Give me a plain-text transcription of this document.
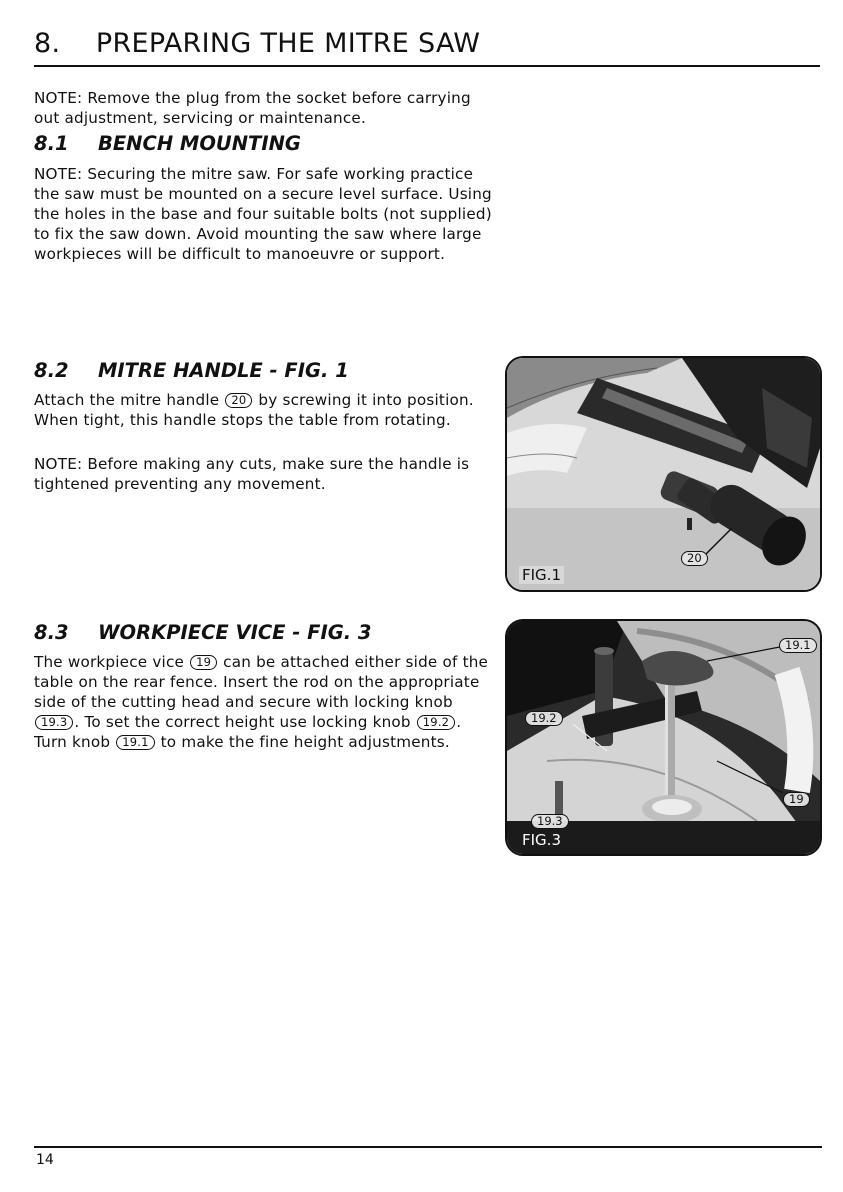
8. PREPARING THE MITRE SAW

NOTE: Remove the plug from the socket before carrying out adjustment, servicing or maintenance.

8.1 BENCH MOUNTING

NOTE: Securing the mitre saw. For safe working practice the saw must be mounted on a secure level surface. Using the holes in the base and four suitable bolts (not supplied) to fix the saw down. Avoid mounting the saw where large workpieces will be difficult to manoeuvre or support.

8.2 MITRE HANDLE - FIG. 1

Attach the mitre handle 20 by screwing it into position. When tight, this handle stops the table from rotating.

NOTE: Before making any cuts, make sure the handle is tightened preventing any movement.

8.3 WORKPIECE VICE - FIG. 3

The workpiece vice 19 can be attached either side of the table on the rear fence. Insert the rod on the appropriate side of the cutting head and secure with locking knob 19.3 . To set the correct height use locking knob 19.2 . Turn knob 19.1 to make the fine height adjustments.

20
FIG.1
19.1
19.2
19
19.3
FIG.3
14
